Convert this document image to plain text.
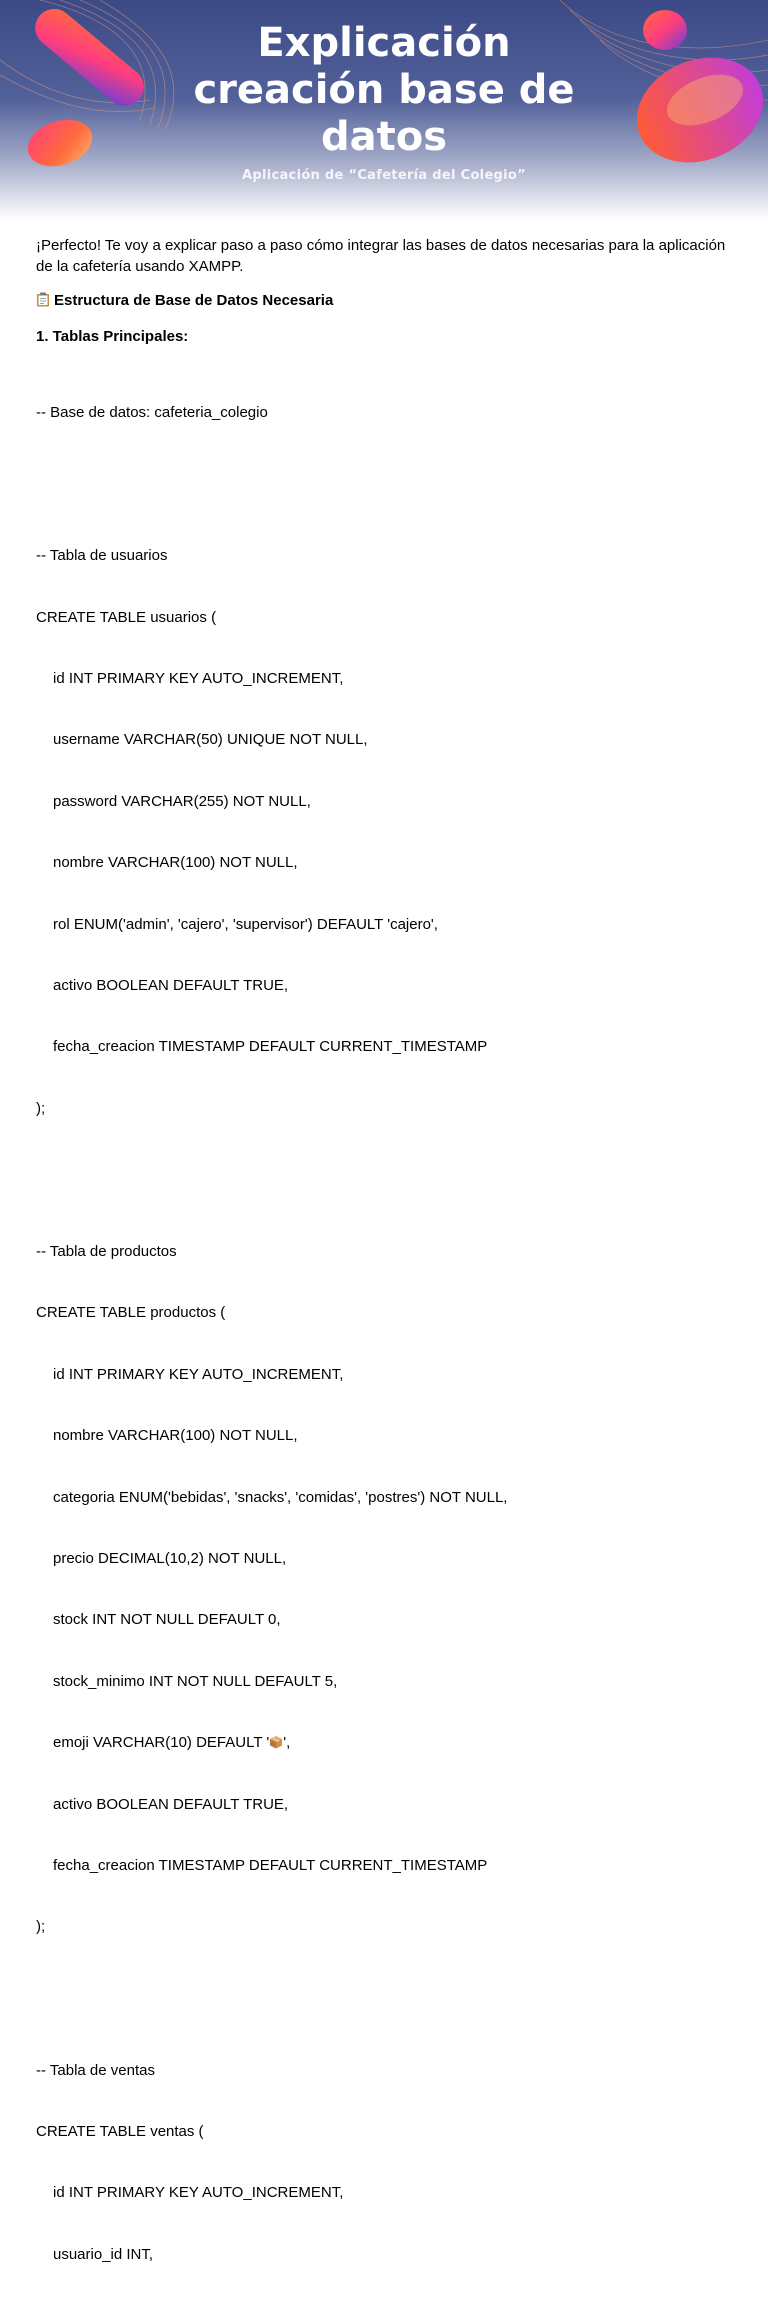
Explicación
creación base de
datos
Aplicación de “Cafetería del Colegio”

¡Perfecto! Te voy a explicar paso a paso cómo integrar las bases de datos necesarias para la aplicación de la cafetería usando XAMPP.

Estructura de Base de Datos Necesaria

1. Tablas Principales:

-- Base de datos: cafeteria_colegio

-- Tabla de usuarios

CREATE TABLE usuarios (

id INT PRIMARY KEY AUTO_INCREMENT,

username VARCHAR(50) UNIQUE NOT NULL,

password VARCHAR(255) NOT NULL,

nombre VARCHAR(100) NOT NULL,

rol ENUM('admin', 'cajero', 'supervisor') DEFAULT 'cajero',

activo BOOLEAN DEFAULT TRUE,

fecha_creacion TIMESTAMP DEFAULT CURRENT_TIMESTAMP

);

-- Tabla de productos

CREATE TABLE productos (

id INT PRIMARY KEY AUTO_INCREMENT,

nombre VARCHAR(100) NOT NULL,

categoria ENUM('bebidas', 'snacks', 'comidas', 'postres') NOT NULL,

precio DECIMAL(10,2) NOT NULL,

stock INT NOT NULL DEFAULT 0,

stock_minimo INT NOT NULL DEFAULT 5,

emoji VARCHAR(10) DEFAULT ' ',

activo BOOLEAN DEFAULT TRUE,

fecha_creacion TIMESTAMP DEFAULT CURRENT_TIMESTAMP

);

-- Tabla de ventas

CREATE TABLE ventas (

id INT PRIMARY KEY AUTO_INCREMENT,

usuario_id INT,
